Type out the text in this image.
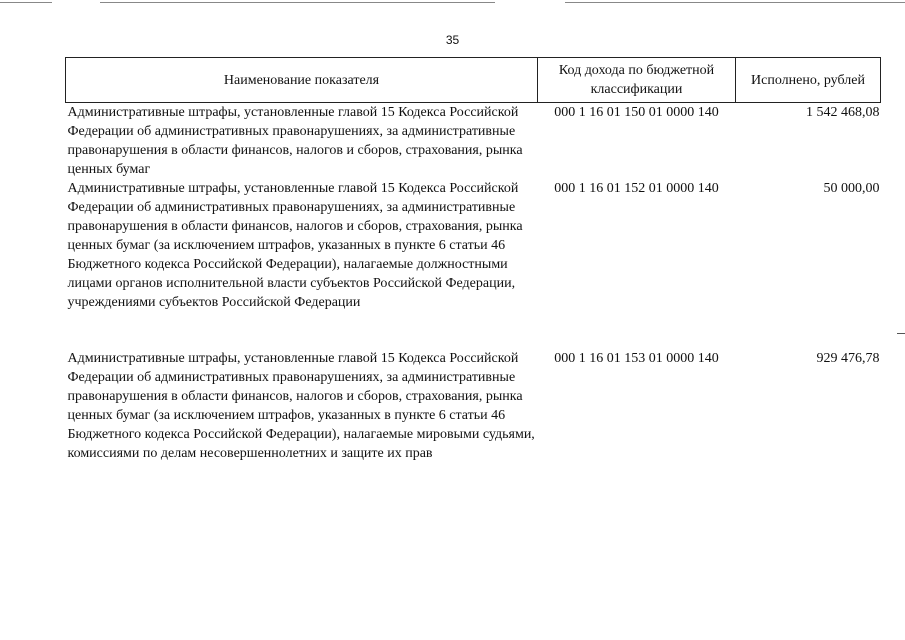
35
Наименование показателя	Код дохода по бюджетной классификации	Исполнено, рублей
Административные штрафы, установленные главой 15 Кодекса Российской Федерации об административных правонарушениях, за административные правонарушения в области финансов, налогов и сборов, страхования, рынка ценных бумаг	000 1 16 01 150 01 0000 140	1 542 468,08
Административные штрафы, установленные главой 15 Кодекса Российской Федерации об административных правонарушениях, за административные правонарушения в области финансов, налогов и сборов, страхования, рынка ценных бумаг (за исключением штрафов, указанных в пункте 6 статьи 46 Бюджетного кодекса Российской Федерации), налагаемые должностными лицами органов исполнительной власти субъектов Российской Федерации, учреждениями субъектов Российской Федерации	000 1 16 01 152 01 0000 140	50 000,00
Административные штрафы, установленные главой 15 Кодекса Российской Федерации об административных правонарушениях, за административные правонарушения в области финансов, налогов и сборов, страхования, рынка ценных бумаг (за исключением штрафов, указанных в пункте 6 статьи 46 Бюджетного кодекса Российской Федерации), налагаемые мировыми судьями, комиссиями по делам несовершеннолетних и защите их прав	000 1 16 01 153 01 0000 140	929 476,78
